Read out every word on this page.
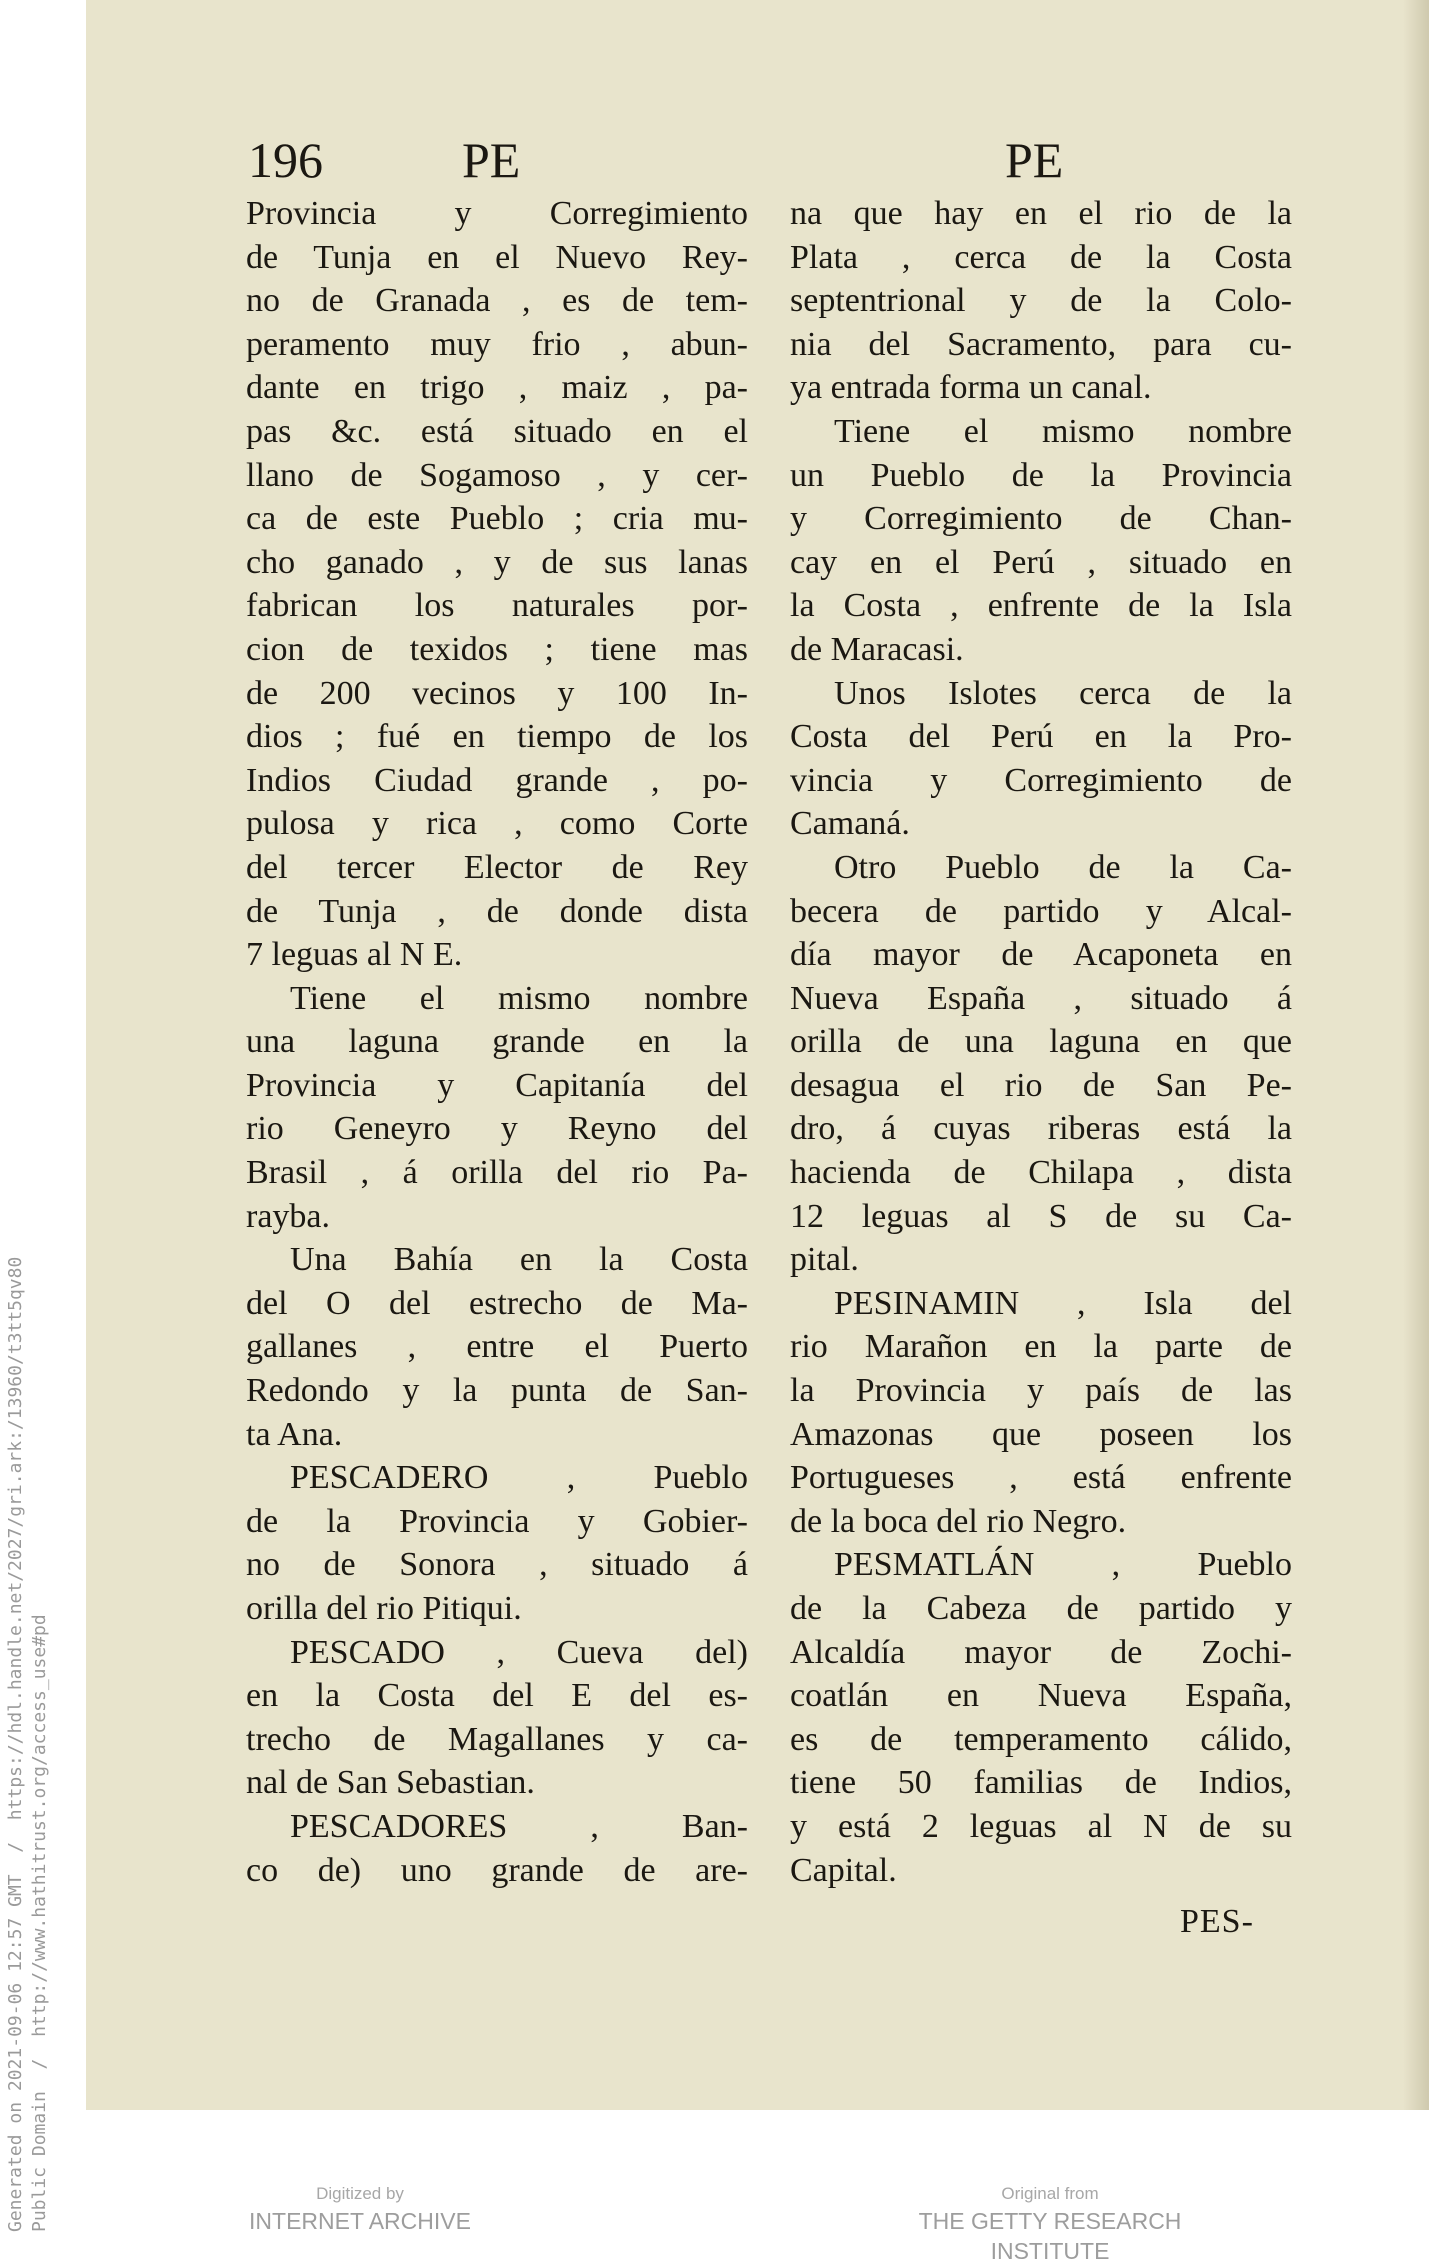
196	PE	PE
Provincia y Corregimiento
de Tunja en el Nuevo Rey-
no de Granada , es de tem-
peramento muy frio , abun-
dante en trigo , maiz , pa-
pas &c. está situado en el
llano de Sogamoso , y cer-
ca de este Pueblo ; cria mu-
cho ganado , y de sus lanas
fabrican los naturales por-
cion de texidos ; tiene mas
de 200 vecinos y 100 In-
dios ; fué en tiempo de los
Indios Ciudad grande , po-
pulosa y rica , como Corte
del tercer Elector de Rey
de Tunja , de donde dista
7 leguas al N E.
Tiene el mismo nombre
una laguna grande en la
Provincia y Capitanía del
rio Geneyro y Reyno del
Brasil , á orilla del rio Pa-
rayba.
Una Bahía en la Costa
del O del estrecho de Ma-
gallanes , entre el Puerto
Redondo y la punta de San-
ta Ana.
PESCADERO , Pueblo
de la Provincia y Gobier-
no de Sonora , situado á
orilla del rio Pitiqui.
PESCADO , Cueva del)
en la Costa del E del es-
trecho de Magallanes y ca-
nal de San Sebastian.
PESCADORES , Ban-
co de) uno grande de are-
na que hay en el rio de la
Plata , cerca de la Costa
septentrional y de la Colo-
nia del Sacramento, para cu-
ya entrada forma un canal.
Tiene el mismo nombre
un Pueblo de la Provincia
y Corregimiento de Chan-
cay en el Perú , situado en
la Costa , enfrente de la Isla
de Maracasi.
Unos Islotes cerca de la
Costa del Perú en la Pro-
vincia y Corregimiento de
Camaná.
Otro Pueblo de la Ca-
becera de partido y Alcal-
día mayor de Acaponeta en
Nueva España , situado á
orilla de una laguna en que
desagua el rio de San Pe-
dro, á cuyas riberas está la
hacienda de Chilapa , dista
12 leguas al S de su Ca-
pital.
PESINAMIN , Isla del
rio Marañon en la parte de
la Provincia y país de las
Amazonas que poseen los
Portugueses , está enfrente
de la boca del rio Negro.
PESMATLÁN , Pueblo
de la Cabeza de partido y
Alcaldía mayor de Zochi-
coatlán en Nueva España,
es de temperamento cálido,
tiene 50 familias de Indios,
y está 2 leguas al N de su
Capital.
PES-
Generated on 2021-09-06 12:57 GMT  /  https://hdl.handle.net/2027/gri.ark:/13960/t3tt5qv80 Public Domain  /  http://www.hathitrust.org/access_use#pd	Digitized by
INTERNET ARCHIVE
Original from
THE GETTY RESEARCH INSTITUTE
